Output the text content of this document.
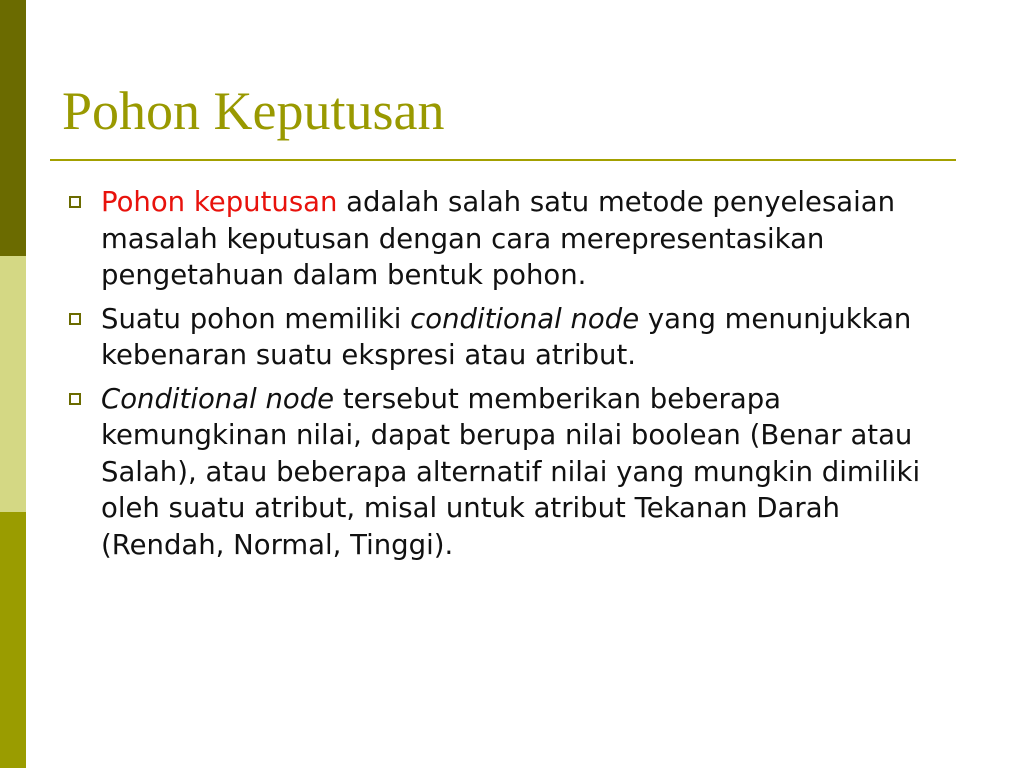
Pohon Keputusan
Pohon keputusan adalah salah satu metode penyelesaian masalah keputusan dengan cara merepresentasikan pengetahuan dalam bentuk pohon.
Suatu pohon memiliki conditional node yang menunjukkan kebenaran suatu ekspresi atau atribut.
Conditional node tersebut memberikan beberapa kemungkinan nilai, dapat berupa nilai boolean (Benar atau Salah), atau beberapa alternatif nilai yang mungkin dimiliki oleh suatu atribut, misal untuk atribut Tekanan Darah (Rendah, Normal, Tinggi).
